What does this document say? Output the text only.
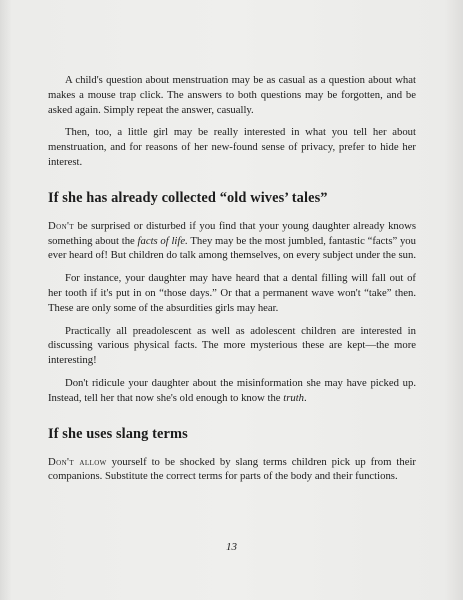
A child's question about menstruation may be as casual as a question about what makes a mouse trap click. The answers to both questions may be forgotten, and be asked again. Simply repeat the answer, casually.

Then, too, a little girl may be really interested in what you tell her about menstruation, and for reasons of her new-found sense of privacy, prefer to hide her interest.

If she has already collected “old wives’ tales”

Don't be surprised or disturbed if you find that your young daughter already knows something about the facts of life. They may be the most jumbled, fantastic “facts” you ever heard of! But children do talk among themselves, on every subject under the sun.

For instance, your daughter may have heard that a dental filling will fall out of her tooth if it's put in on “those days.” Or that a permanent wave won't “take” then. These are only some of the absurdities girls may hear.

Practically all preadolescent as well as adolescent children are interested in discussing various physical facts. The more mysterious these are kept—the more interesting!

Don't ridicule your daughter about the misinformation she may have picked up. Instead, tell her that now she's old enough to know the truth.

If she uses slang terms

Don't allow yourself to be shocked by slang terms children pick up from their companions. Substitute the correct terms for parts of the body and their functions.

13
